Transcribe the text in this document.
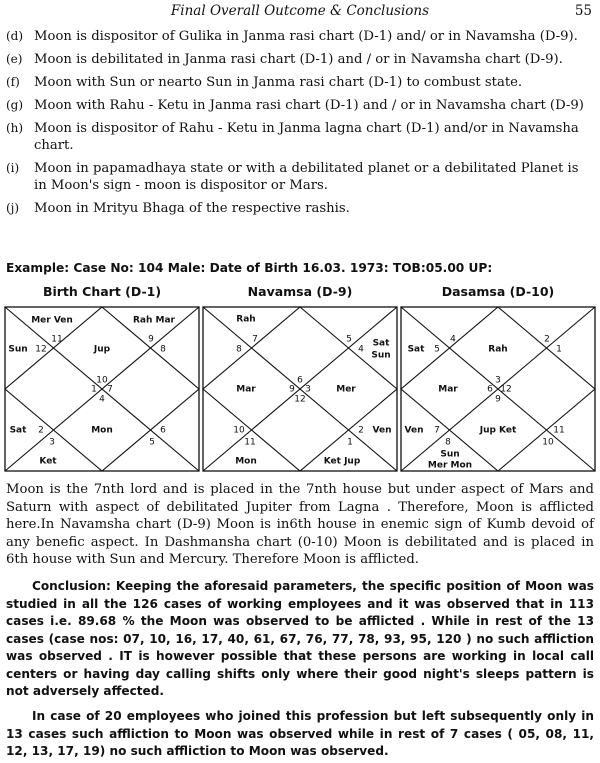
Final Overall Outcome & Conclusions	55
(d) Moon is dispositor of Gulika in Janma rasi chart (D-1) and/ or in Navamsha (D-9).
(e) Moon is debilitated in Janma rasi chart (D-1) and / or in Navamsha chart (D-9).
(f)	Moon with Sun or nearto Sun in Janma rasi chart (D-1) to combust state.
(g) Moon with Rahu - Ketu in Janma rasi chart (D-1) and / or in Navamsha chart (D-9)
(h) Moon is dispositor of Rahu - Ketu in Janma lagna chart (D-1) and/or in Navamsha chart.
(i)	Moon in papamadhaya state or with a debilitated planet or a debilitated Planet is in Moon's sign - moon is dispositor or Mars.
(j)	Moon in Mrityu Bhaga of the respective rashis.
Example: Case No: 104 Male: Date of Birth 16.03. 1973: TOB:05.00 UP:
Birth Chart (D-1)	Navamsa (D-9)	Dasamsa (D-10)
10
11
12
1
2
3
4
5
6
7
8
9
Jup
Mer Ven
Sun
Sat
Ket
Mon
Rah Mar
6
7
8
9
10
11
12
1
2
3
4
5
Rah
Mar	Mer
Sat
Sun
Mon	Ket Jup
Ven
3
4
5
6
7
8
9
10
11
12
1
2
Rah
Sat
Mar
Ven
Sun
Mer Mon
Jup Ket
Moon is the 7nth lord and is placed in the 7nth house but under aspect of Mars and Saturn with aspect of debilitated Jupiter from Lagna . Therefore, Moon is afflicted here.In Navamsha chart (D-9) Moon is in6th house in enemic sign of Kumb devoid of any benefic aspect. In Dashmansha chart (0-10) Moon is debilitated and is placed in 6th house with Sun and Mercury. Therefore Moon is afflicted.
Conclusion: Keeping the aforesaid parameters, the specific position of Moon was studied in all the 126 cases of working employees and it was observed that in 113 cases i.e. 89.68 % the Moon was observed to be afflicted . While in rest of the 13 cases (case nos: 07, 10, 16, 17, 40, 61, 67, 76, 77, 78, 93, 95, 120 ) no such affliction was observed . IT is however possible that these persons are working in local call centers or having day calling shifts only where their good night's sleeps pattern is not adversely affected.
In case of 20 employees who joined this profession but left subsequently only in 13 cases such affliction to Moon was observed while in rest of 7 cases ( 05, 08, 11, 12, 13, 17, 19) no such affliction to Moon was observed.
